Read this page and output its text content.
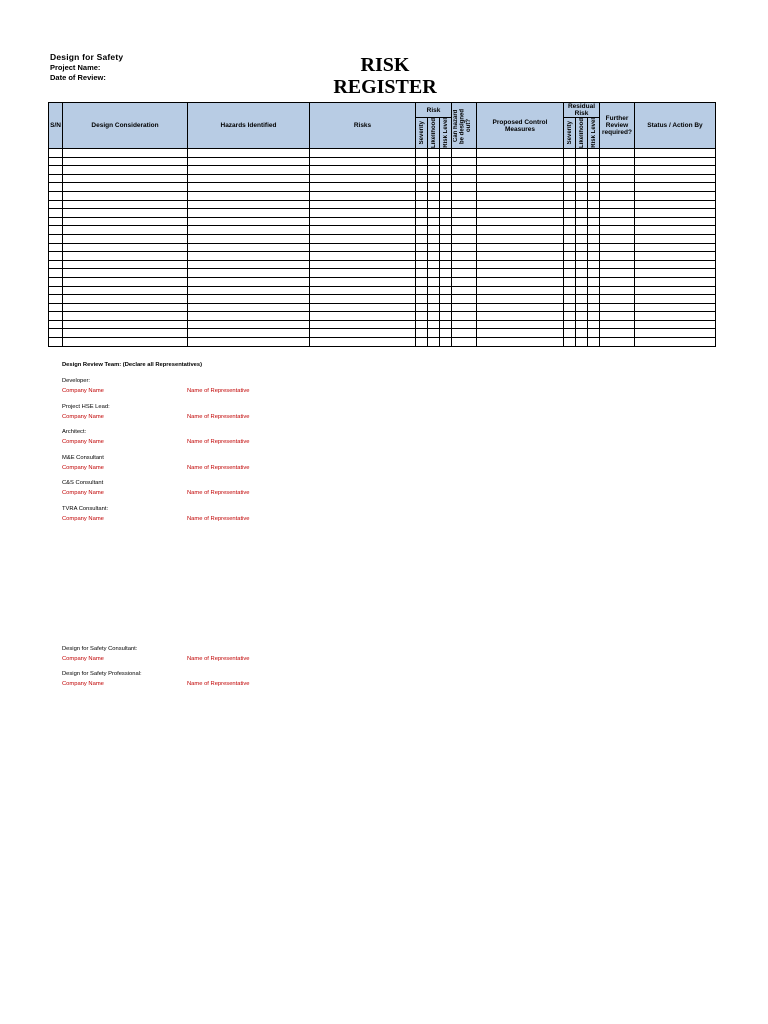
Design for Safety
Project Name:
Date of Review:
RISK
REGISTER
S/N	Design Consideration	Hazards Identified	Risks	Risk			Can hazard be designed out?	Proposed Control Measures	Residual Risk			Further Review required?	Status / Action By

				Severity	Likelihood	Risk Level			Severity	Likelihood	Risk Level		

Design Review Team: (Declare all Representatives)
Developer:
Company Name	Name of Representative
Project HSE Lead:
Company Name	Name of Representative
Architect:
Company Name	Name of Representative
M&E Consultant
Company Name	Name of Representative
C&S Consultant
Company Name	Name of Representative
TVRA Consultant:
Company Name	Name of Representative
Design for Safety Consultant:
Company Name	Name of Representative
Design for Safety Professional:
Company Name	Name of Representative
